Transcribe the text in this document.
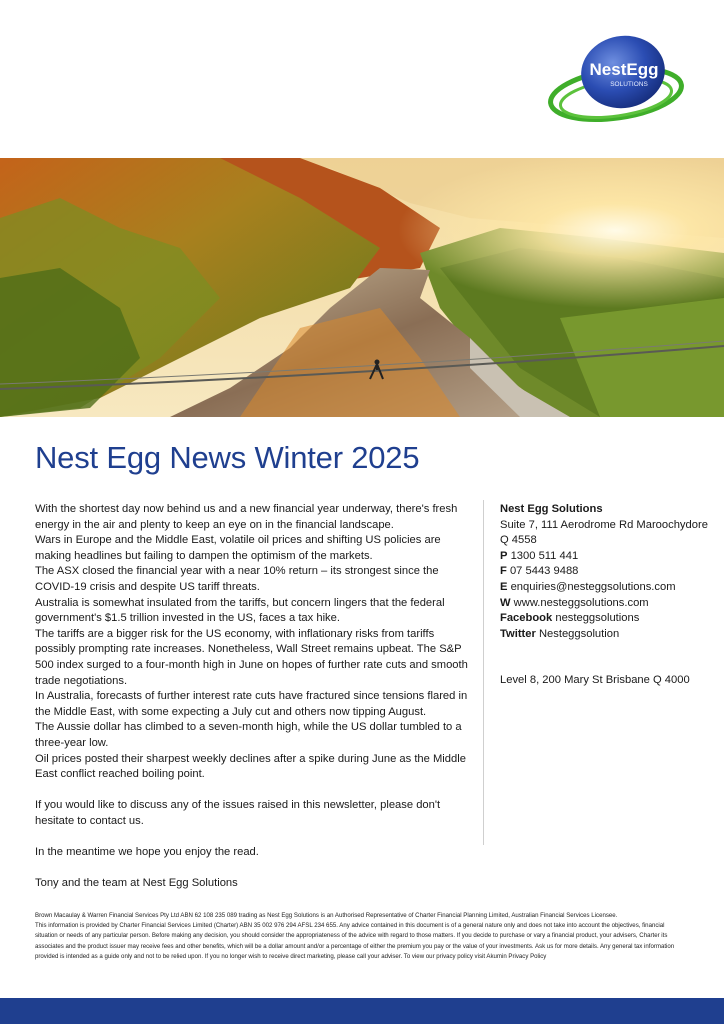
NestEgg
SOLUTIONS
Nest Egg News Winter 2025

With the shortest day now behind us and a new financial year underway, there's fresh energy in the air and plenty to keep an eye on in the financial landscape.

Wars in Europe and the Middle East, volatile oil prices and shifting US policies are making headlines but failing to dampen the optimism of the markets.

The ASX closed the financial year with a near 10% return – its strongest since the COVID-19 crisis and despite US tariff threats.

Australia is somewhat insulated from the tariffs, but concern lingers that the federal government's $1.5 trillion invested in the US, faces a tax hike.

The tariffs are a bigger risk for the US economy, with inflationary risks from tariffs possibly prompting rate increases. Nonetheless, Wall Street remains upbeat. The S&P 500 index surged to a four-month high in June on hopes of further rate cuts and smooth trade negotiations.

In Australia, forecasts of further interest rate cuts have fractured since tensions flared in the Middle East, with some expecting a July cut and others now tipping August.

The Aussie dollar has climbed to a seven-month high, while the US dollar tumbled to a three-year low.

Oil prices posted their sharpest weekly declines after a spike during June as the Middle East conflict reached boiling point.

If you would like to discuss any of the issues raised in this newsletter, please don't hesitate to contact us.

In the meantime we hope you enjoy the read.

Tony and the team at Nest Egg Solutions

Nest Egg Solutions
Suite 7, 111 Aerodrome Rd Maroochydore
Q 4558
P 1300 511 441
F 07 5443 9488
E enquiries@nesteggsolutions.com
W www.nesteggsolutions.com
Facebook nesteggsolutions
Twitter Nesteggsolution
Level 8, 200 Mary St Brisbane Q 4000

Brown Macaulay & Warren Financial Services Pty Ltd ABN 62 108 235 089 trading as Nest Egg Solutions is an Authorised Representative of Charter Financial Planning Limited, Australian Financial Services Licensee.

This information is provided by Charter Financial Services Limited (Charter) ABN 35 002 976 294 AFSL 234 655. Any advice contained in this document is of a general nature only and does not take into account the objectives, financial situation or needs of any particular person. Before making any decision, you should consider the appropriateness of the advice with regard to those matters. If you decide to purchase or vary a financial product, your advisers, Charter its associates and the product issuer may receive fees and other benefits, which will be a dollar amount and/or a percentage of either the premium you pay or the value of your investments. Ask us for more details. Any general tax information provided is intended as a guide only and not to be relied upon. If you no longer wish to receive direct marketing, please call your adviser. To view our privacy policy visit Akumin Privacy Policy
